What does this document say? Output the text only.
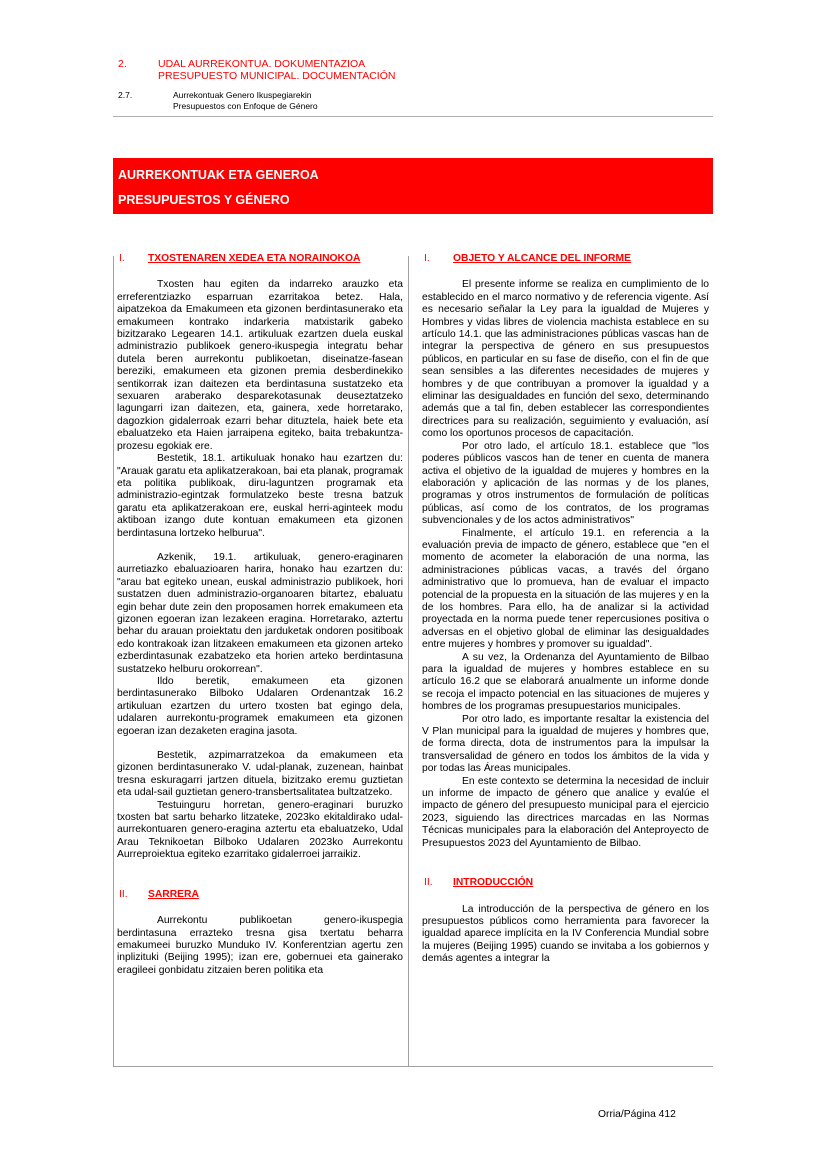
2.	UDAL AURREKONTUA. DOKUMENTAZIOA
PRESUPUESTO MUNICIPAL. DOCUMENTACIÓN
2.7.	Aurrekontuak Genero Ikuspegiarekin
Presupuestos con Enfoque de Género
AURREKONTUAK ETA GENEROA
PRESUPUESTOS Y GÉNERO
I.	TXOSTENAREN XEDEA ETA NORAINOKOA

Txosten hau egiten da indarreko arauzko eta erreferentziazko esparruan ezarritakoa betez. Hala, aipatzekoa da Emakumeen eta gizonen berdintasunerako eta emakumeen kontrako indarkeria matxistarik gabeko bizitzarako Legearen 14.1. artikuluak ezartzen duela euskal administrazio publikoek genero-ikuspegia integratu behar dutela beren aurrekontu publikoetan, diseinatze-fasean bereziki, emakumeen eta gizonen premia desberdinekiko sentikorrak izan daitezen eta berdintasuna sustatzeko eta sexuaren araberako desparekotasunak deuseztatzeko lagungarri izan daitezen, eta, gainera, xede horretarako, dagozkion gidalerroak ezarri behar dituztela, haiek bete eta ebaluatzeko eta Haien jarraipena egiteko, baita trebakuntza-prozesu egokiak ere.

Bestetik, 18.1. artikuluak honako hau ezartzen du: "Arauak garatu eta aplikatzerakoan, bai eta planak, programak eta politika publikoak, diru-laguntzen programak eta administrazio-egintzak formulatzeko beste tresna batzuk garatu eta aplikatzerakoan ere, euskal herri-aginteek modu aktiboan izango dute kontuan emakumeen eta gizonen berdintasuna lortzeko helburua".

Azkenik, 19.1. artikuluak, genero-eraginaren aurretiazko ebaluazioaren harira, honako hau ezartzen du: "arau bat egiteko unean, euskal administrazio publikoek, hori sustatzen duen administrazio-organoaren bitartez, ebaluatu egin behar dute zein den proposamen horrek emakumeen eta gizonen egoeran izan lezakeen eragina. Horretarako, aztertu behar du arauan proiektatu den jarduketak ondoren positiboak edo kontrakoak izan litzakeen emakumeen eta gizonen arteko ezberdintasunak ezabatzeko eta horien arteko berdintasuna sustatzeko helburu orokorrean".

Ildo beretik, emakumeen eta gizonen berdintasunerako Bilboko Udalaren Ordenantzak 16.2 artikuluan ezartzen du urtero txosten bat egingo dela, udalaren aurrekontu-programek emakumeen eta gizonen egoeran izan dezaketen eragina jasota.

Bestetik, azpimarratzekoa da emakumeen eta gizonen berdintasunerako V. udal-planak, zuzenean, hainbat tresna eskuragarri jartzen dituela, bizitzako eremu guztietan eta udal-sail guztietan genero-transbertsalitatea bultzatzeko.

Testuinguru horretan, genero-eraginari buruzko txosten bat sartu beharko litzateke, 2023ko ekitaldirako udal-aurrekontuaren genero-eragina aztertu eta ebaluatzeko, Udal Arau Teknikoetan Bilboko Udalaren 2023ko Aurrekontu Aurreproiektua egiteko ezarritako gidalerroei jarraikiz.

II.	SARRERA

Aurrekontu publikoetan genero-ikuspegia berdintasuna errazteko tresna gisa txertatu beharra emakumeei buruzko Munduko IV. Konferentzian agertu zen inplizituki (Beijing 1995); izan ere, gobernuei eta gainerako eragileei gonbidatu zitzaien beren politika eta

I.	OBJETO Y ALCANCE DEL INFORME

El presente informe se realiza en cumplimiento de lo establecido en el marco normativo y de referencia vigente. Así es necesario señalar la Ley para la igualdad de Mujeres y Hombres y vidas libres de violencia machista establece en su artículo 14.1. que las administraciones públicas vascas han de integrar la perspectiva de género en sus presupuestos públicos, en particular en su fase de diseño, con el fin de que sean sensibles a las diferentes necesidades de mujeres y hombres y de que contribuyan a promover la igualdad y a eliminar las desigualdades en función del sexo, determinando además que a tal fin, deben establecer las correspondientes directrices para su realización, seguimiento y evaluación, así como los oportunos procesos de capacitación.

Por otro lado, el artículo 18.1. establece que "los poderes públicos vascos han de tener en cuenta de manera activa el objetivo de la igualdad de mujeres y hombres en la elaboración y aplicación de las normas y de los planes, programas y otros instrumentos de formulación de políticas públicas, así como de los contratos, de los programas subvencionales y de los actos administrativos"

Finalmente, el artículo 19.1. en referencia a la evaluación previa de impacto de género, establece que "en el momento de acometer la elaboración de una norma, las administraciones públicas vacas, a través del órgano administrativo que lo promueva, han de evaluar el impacto potencial de la propuesta en la situación de las mujeres y en la de los hombres. Para ello, ha de analizar si la actividad proyectada en la norma puede tener repercusiones positiva o adversas en el objetivo global de eliminar las desigualdades entre mujeres y hombres y promover su igualdad".

A su vez, la Ordenanza del Ayuntamiento de Bilbao para la igualdad de mujeres y hombres establece en su artículo 16.2 que se elaborará anualmente un informe donde se recoja el impacto potencial en las situaciones de mujeres y hombres de los programas presupuestarios municipales.

Por otro lado, es importante resaltar la existencia del V Plan municipal para la igualdad de mujeres y hombres que, de forma directa, dota de instrumentos para la impulsar la transversalidad de género en todos los ámbitos de la vida y por todas las Áreas municipales.

En este contexto se determina la necesidad de incluir un informe de impacto de género que analice y evalúe el impacto de género del presupuesto municipal para el ejercicio 2023, siguiendo las directrices marcadas en las Normas Técnicas municipales para la elaboración del Anteproyecto de Presupuestos 2023 del Ayuntamiento de Bilbao.

II.	INTRODUCCIÓN

La introducción de la perspectiva de género en los presupuestos públicos como herramienta para favorecer la igualdad aparece implícita en la IV Conferencia Mundial sobre la mujeres (Beijing 1995) cuando se invitaba a los gobiernos y demás agentes a integrar la

Orria/Página 412
